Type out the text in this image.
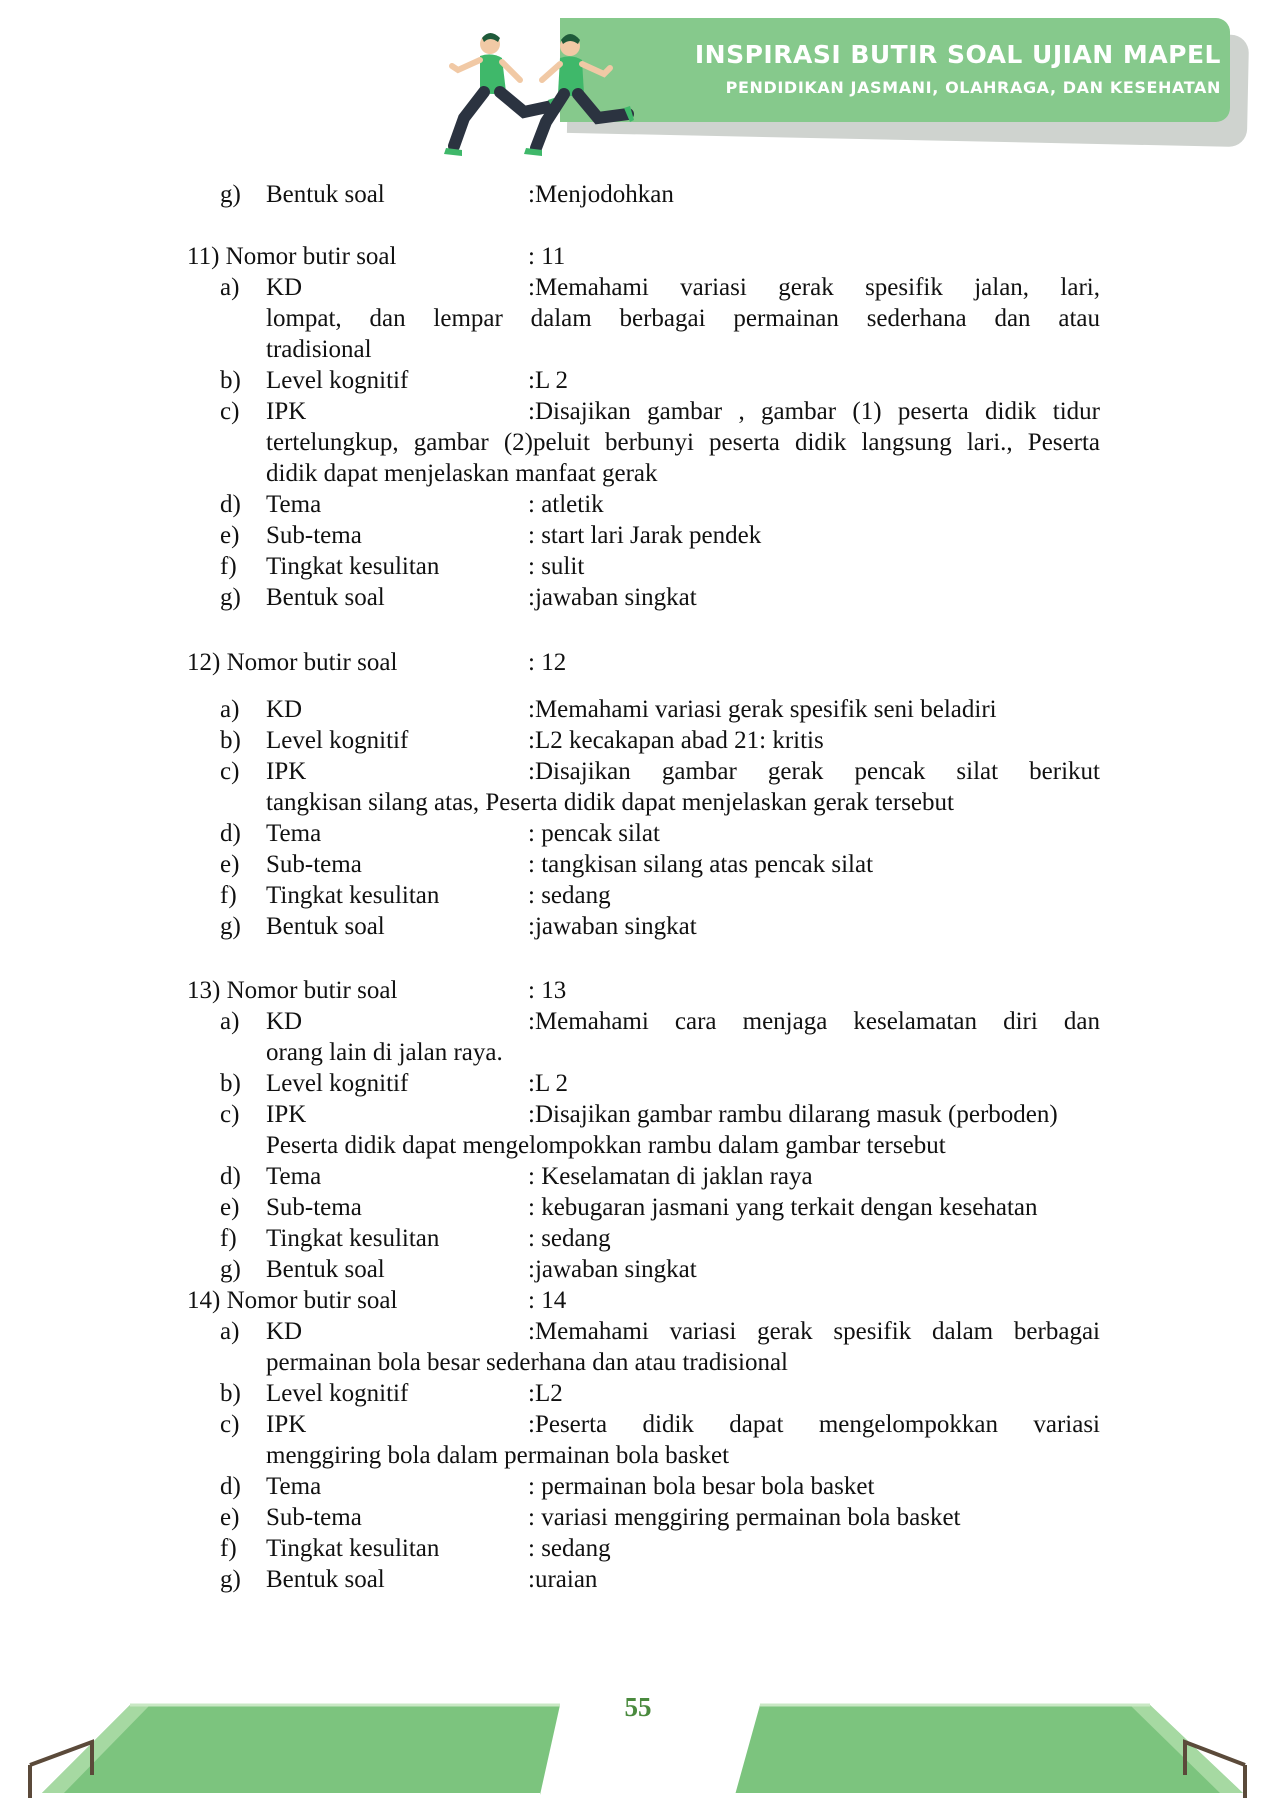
INSPIRASI BUTIR SOAL UJIAN MAPEL
PENDIDIKAN JASMANI, OLAHRAGA, DAN KESEHATAN
g) Bentuk soal	:Menjodohkan
11) Nomor butir soal	: 11
a) KD	:Memahami variasi gerak spesifik jalan, lari,
lompat, dan lempar dalam berbagai permainan sederhana dan atau
tradisional
b) Level kognitif	:L 2
c) IPK	:Disajikan gambar , gambar (1) peserta didik tidur
tertelungkup, gambar (2)peluit berbunyi peserta didik langsung lari., Peserta
didik dapat menjelaskan manfaat gerak
d) Tema	: atletik
e) Sub-tema	: start lari Jarak pendek
f) Tingkat kesulitan	: sulit
g) Bentuk soal	:jawaban singkat
12) Nomor butir soal	: 12
a) KD	:Memahami variasi gerak spesifik seni beladiri
b) Level kognitif	:L2 kecakapan abad 21: kritis
c) IPK	:Disajikan gambar gerak pencak silat berikut
tangkisan silang atas, Peserta didik dapat menjelaskan gerak tersebut
d) Tema	: pencak silat
e) Sub-tema	: tangkisan silang atas pencak silat
f) Tingkat kesulitan	: sedang
g) Bentuk soal	:jawaban singkat
13) Nomor butir soal	: 13
a) KD	:Memahami cara menjaga keselamatan diri dan
orang lain di jalan raya.
b) Level kognitif	:L 2
c) IPK	:Disajikan gambar rambu dilarang masuk (perboden)
Peserta didik dapat mengelompokkan rambu dalam gambar tersebut
d) Tema	: Keselamatan di jaklan raya
e) Sub-tema	: kebugaran jasmani yang terkait dengan kesehatan
f) Tingkat kesulitan	: sedang
g) Bentuk soal	:jawaban singkat
14) Nomor butir soal	: 14
a) KD	:Memahami variasi gerak spesifik dalam berbagai
permainan bola besar sederhana dan atau tradisional
b) Level kognitif	:L2
c) IPK	:Peserta didik dapat mengelompokkan variasi
menggiring bola dalam permainan bola basket
d) Tema	: permainan bola besar bola basket
e) Sub-tema	: variasi menggiring permainan bola basket
f) Tingkat kesulitan	: sedang
g) Bentuk soal	:uraian
55
